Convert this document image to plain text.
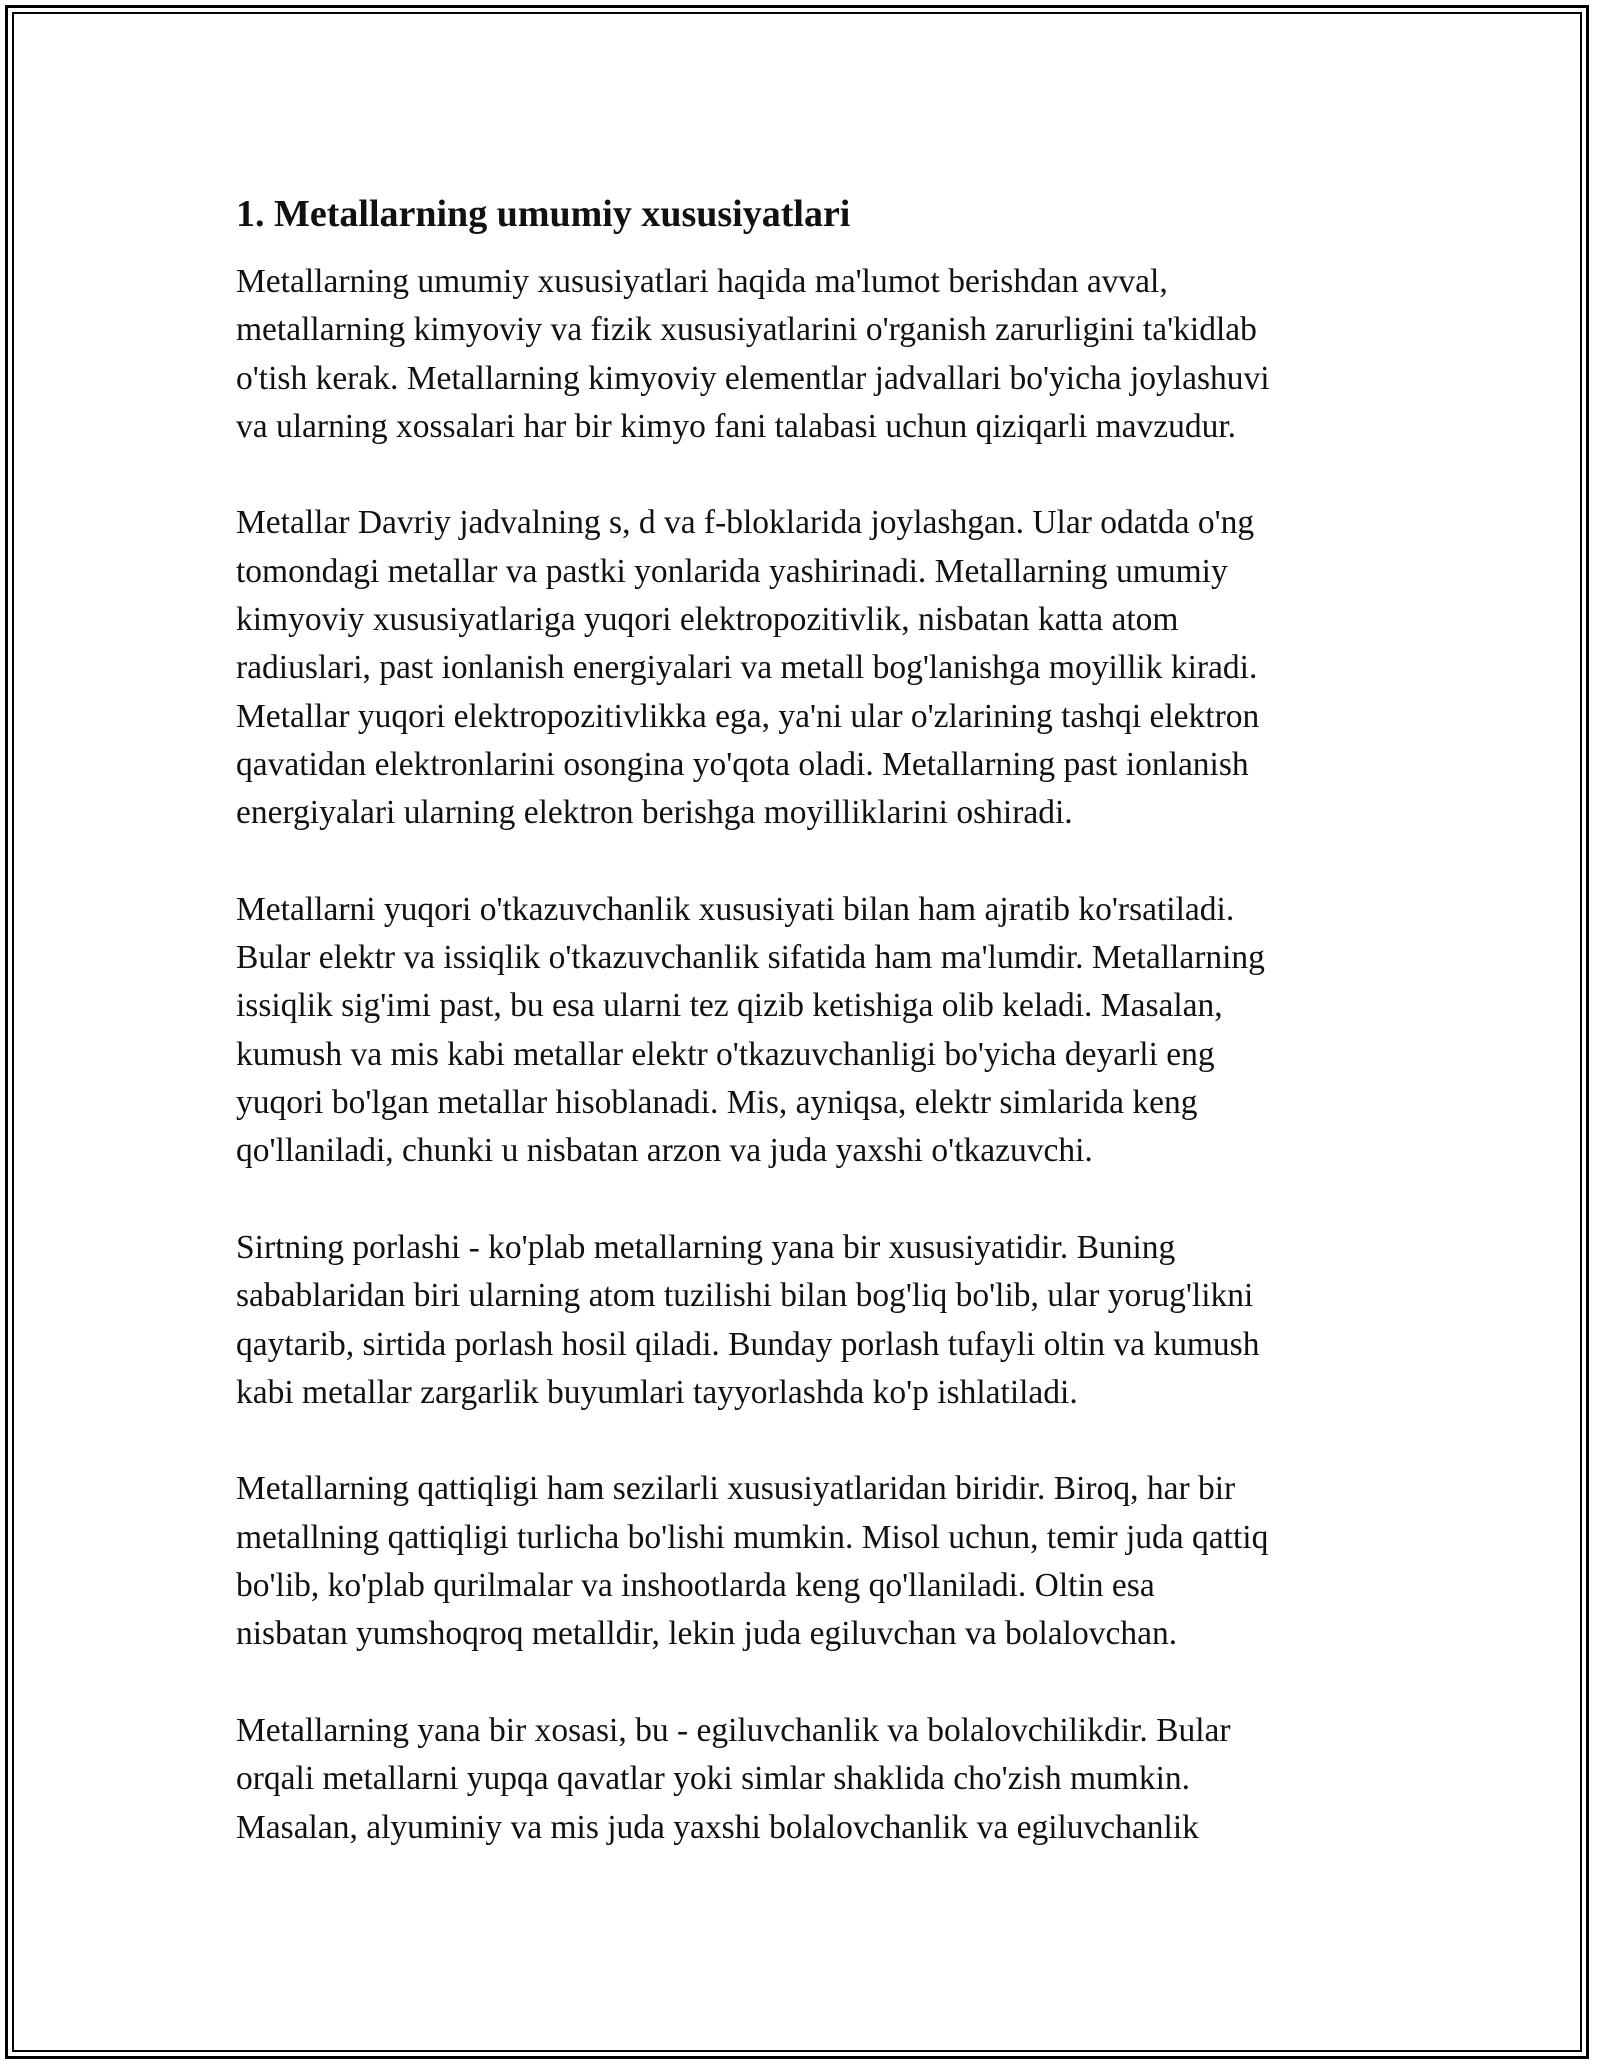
1. Metallarning umumiy xususiyatlari
Metallarning umumiy xususiyatlari haqida ma'lumot berishdan avval,
metallarning kimyoviy va fizik xususiyatlarini o'rganish zarurligini ta'kidlab
o'tish kerak. Metallarning kimyoviy elementlar jadvallari bo'yicha joylashuvi
va ularning xossalari har bir kimyo fani talabasi uchun qiziqarli mavzudur.
Metallar Davriy jadvalning s, d va f-bloklarida joylashgan. Ular odatda o'ng
tomondagi metallar va pastki yonlarida yashirinadi. Metallarning umumiy
kimyoviy xususiyatlariga yuqori elektropozitivlik, nisbatan katta atom
radiuslari, past ionlanish energiyalari va metall bog'lanishga moyillik kiradi.
Metallar yuqori elektropozitivlikka ega, ya'ni ular o'zlarining tashqi elektron
qavatidan elektronlarini osongina yo'qota oladi. Metallarning past ionlanish
energiyalari ularning elektron berishga moyilliklarini oshiradi.
Metallarni yuqori o'tkazuvchanlik xususiyati bilan ham ajratib ko'rsatiladi.
Bular elektr va issiqlik o'tkazuvchanlik sifatida ham ma'lumdir. Metallarning
issiqlik sig'imi past, bu esa ularni tez qizib ketishiga olib keladi. Masalan,
kumush va mis kabi metallar elektr o'tkazuvchanligi bo'yicha deyarli eng
yuqori bo'lgan metallar hisoblanadi. Mis, ayniqsa, elektr simlarida keng
qo'llaniladi, chunki u nisbatan arzon va juda yaxshi o'tkazuvchi.
Sirtning porlashi - ko'plab metallarning yana bir xususiyatidir. Buning
sabablaridan biri ularning atom tuzilishi bilan bog'liq bo'lib, ular yorug'likni
qaytarib, sirtida porlash hosil qiladi. Bunday porlash tufayli oltin va kumush
kabi metallar zargarlik buyumlari tayyorlashda ko'p ishlatiladi.
Metallarning qattiqligi ham sezilarli xususiyatlaridan biridir. Biroq, har bir
metallning qattiqligi turlicha bo'lishi mumkin. Misol uchun, temir juda qattiq
bo'lib, ko'plab qurilmalar va inshootlarda keng qo'llaniladi. Oltin esa
nisbatan yumshoqroq metalldir, lekin juda egiluvchan va bolalovchan.
Metallarning yana bir xosasi, bu - egiluvchanlik va bolalovchilikdir. Bular
orqali metallarni yupqa qavatlar yoki simlar shaklida cho'zish mumkin.
Masalan, alyuminiy va mis juda yaxshi bolalovchanlik va egiluvchanlik
